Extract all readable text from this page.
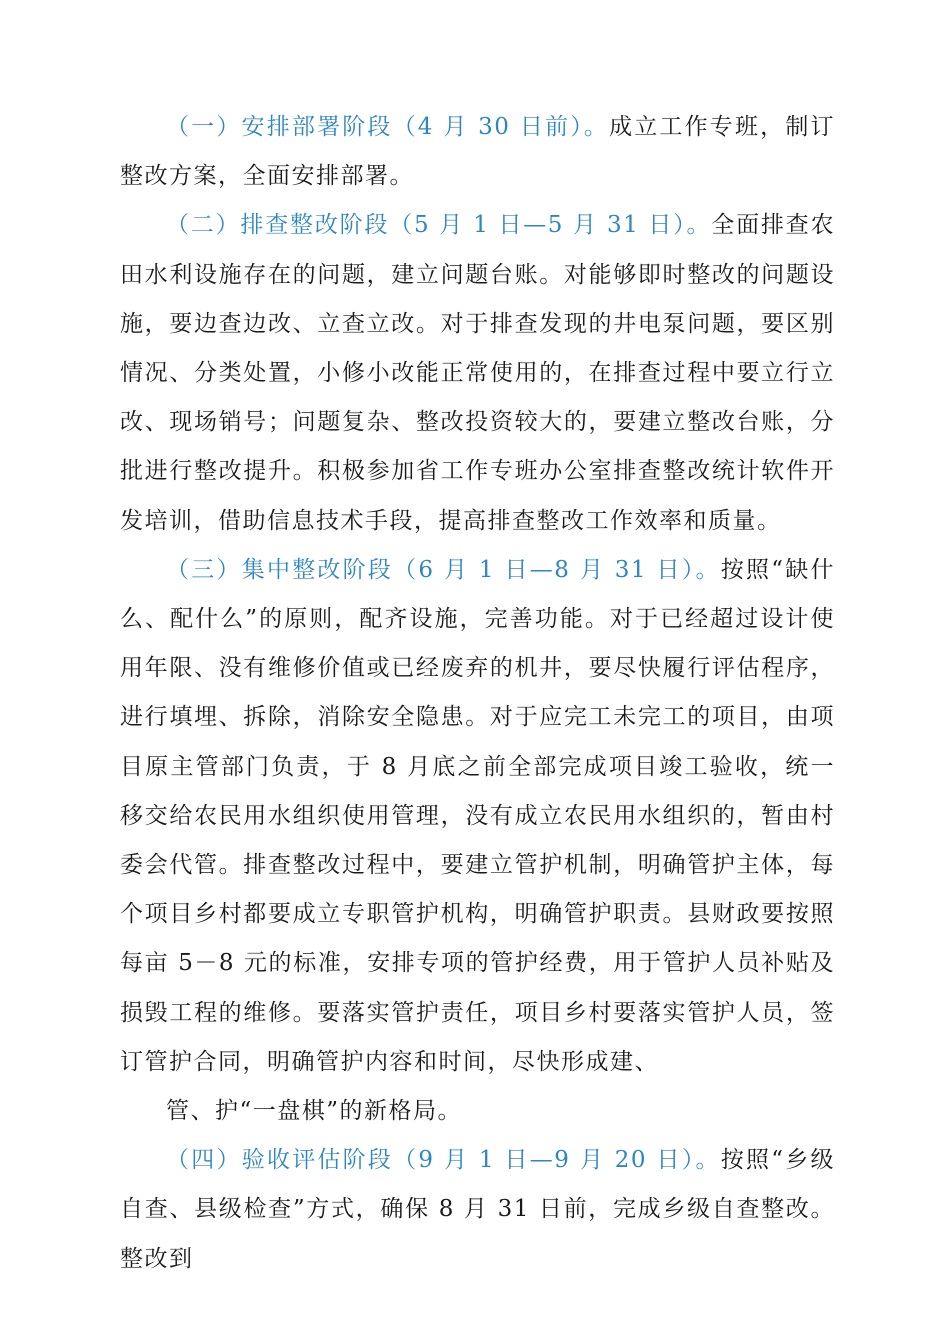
（一）安排部署阶段（4 月 30 日前）。成立工作专班，制订整改方案，全面安排部署。

（二）排查整改阶段（5 月 1 日—5 月 31 日）。全面排查农田水利设施存在的问题，建立问题台账。对能够即时整改的问题设施，要边查边改、立查立改。对于排查发现的井电泵问题，要区别情况、分类处置，小修小改能正常使用的，在排查过程中要立行立改、现场销号；问题复杂、整改投资较大的，要建立整改台账，分批进行整改提升。积极参加省工作专班办公室排查整改统计软件开发培训，借助信息技术手段，提高排查整改工作效率和质量。

（三）集中整改阶段（6 月 1 日—8 月 31 日）。按照“缺什么、配什么”的原则，配齐设施，完善功能。对于已经超过设计使用年限、没有维修价值或已经废弃的机井，要尽快履行评估程序，进行填埋、拆除，消除安全隐患。对于应完工未完工的项目，由项目原主管部门负责，于 8 月底之前全部完成项目竣工验收，统一移交给农民用水组织使用管理，没有成立农民用水组织的，暂由村委会代管。排查整改过程中，要建立管护机制，明确管护主体，每个项目乡村都要成立专职管护机构，明确管护职责。县财政要按照每亩 5－8 元的标准，安排专项的管护经费，用于管护人员补贴及损毁工程的维修。要落实管护责任，项目乡村要落实管护人员，签订管护合同，明确管护内容和时间，尽快形成建、

管、护“一盘棋”的新格局。

（四）验收评估阶段（9 月 1 日—9 月 20 日）。按照“乡级自查、县级检查”方式，确保 8 月 31 日前，完成乡级自查整改。整改到
